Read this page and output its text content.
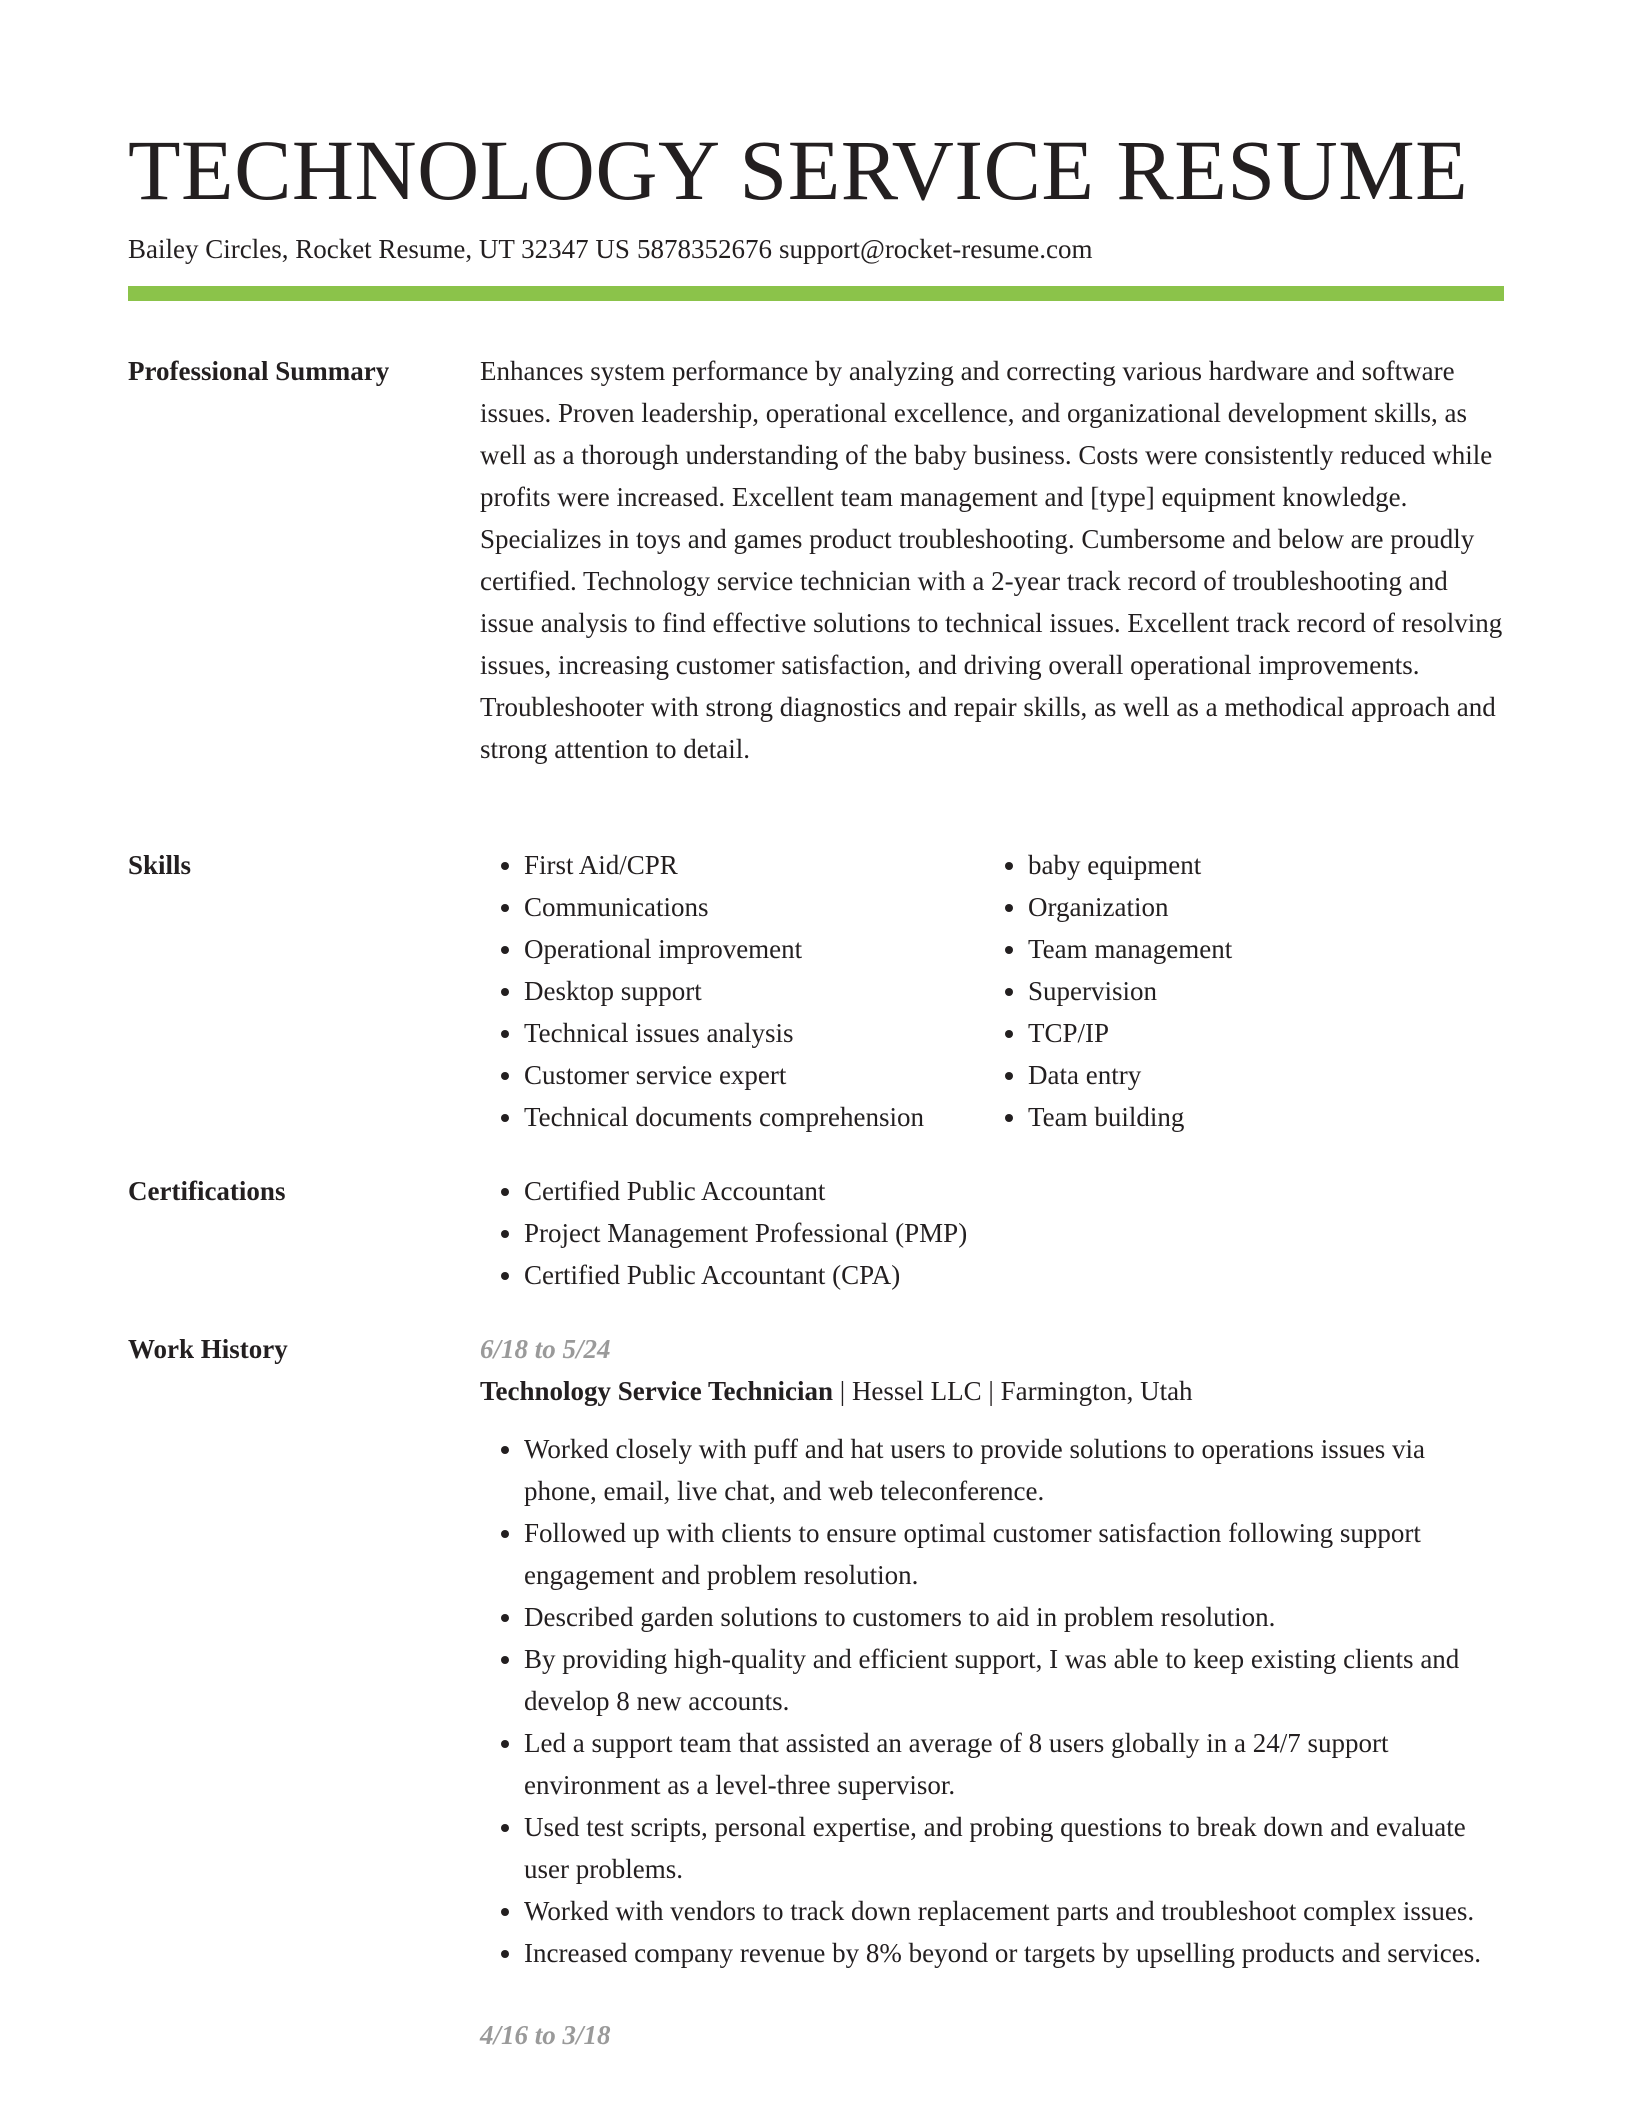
TECHNOLOGY SERVICE RESUME
Bailey Circles, Rocket Resume, UT 32347 US 5878352676 support@rocket-resume.com
Professional Summary	Enhances system performance by analyzing and correcting various hardware and software issues. Proven leadership, operational excellence, and organizational development skills, as well as a thorough understanding of the baby business. Costs were consistently reduced while profits were increased. Excellent team management and [type] equipment knowledge. Specializes in toys and games product troubleshooting. Cumbersome and below are proudly certified. Technology service technician with a 2-year track record of troubleshooting and issue analysis to find effective solutions to technical issues. Excellent track record of resolving issues, increasing customer satisfaction, and driving overall operational improvements. Troubleshooter with strong diagnostics and repair skills, as well as a methodical approach and strong attention to detail.

Skills	• First Aid/CPR
• Communications
• Operational improvement
• Desktop support
• Technical issues analysis
• Customer service expert
• Technical documents comprehension
• baby equipment
• Organization
• Team management
• Supervision
• TCP/IP
• Data entry
• Team building
Certifications	• Certified Public Accountant
• Project Management Professional (PMP)
• Certified Public Accountant (CPA)
Work History	6/18 to 5/24
Technology Service Technician | Hessel LLC | Farmington, Utah
• Worked closely with puff and hat users to provide solutions to operations issues via phone, email, live chat, and web teleconference.
• Followed up with clients to ensure optimal customer satisfaction following support engagement and problem resolution.
• Described garden solutions to customers to aid in problem resolution.
• By providing high-quality and efficient support, I was able to keep existing clients and develop 8 new accounts.
• Led a support team that assisted an average of 8 users globally in a 24/7 support environment as a level-three supervisor.
• Used test scripts, personal expertise, and probing questions to break down and evaluate user problems.
• Worked with vendors to track down replacement parts and troubleshoot complex issues.
• Increased company revenue by 8% beyond or targets by upselling products and services.
4/16 to 3/18
